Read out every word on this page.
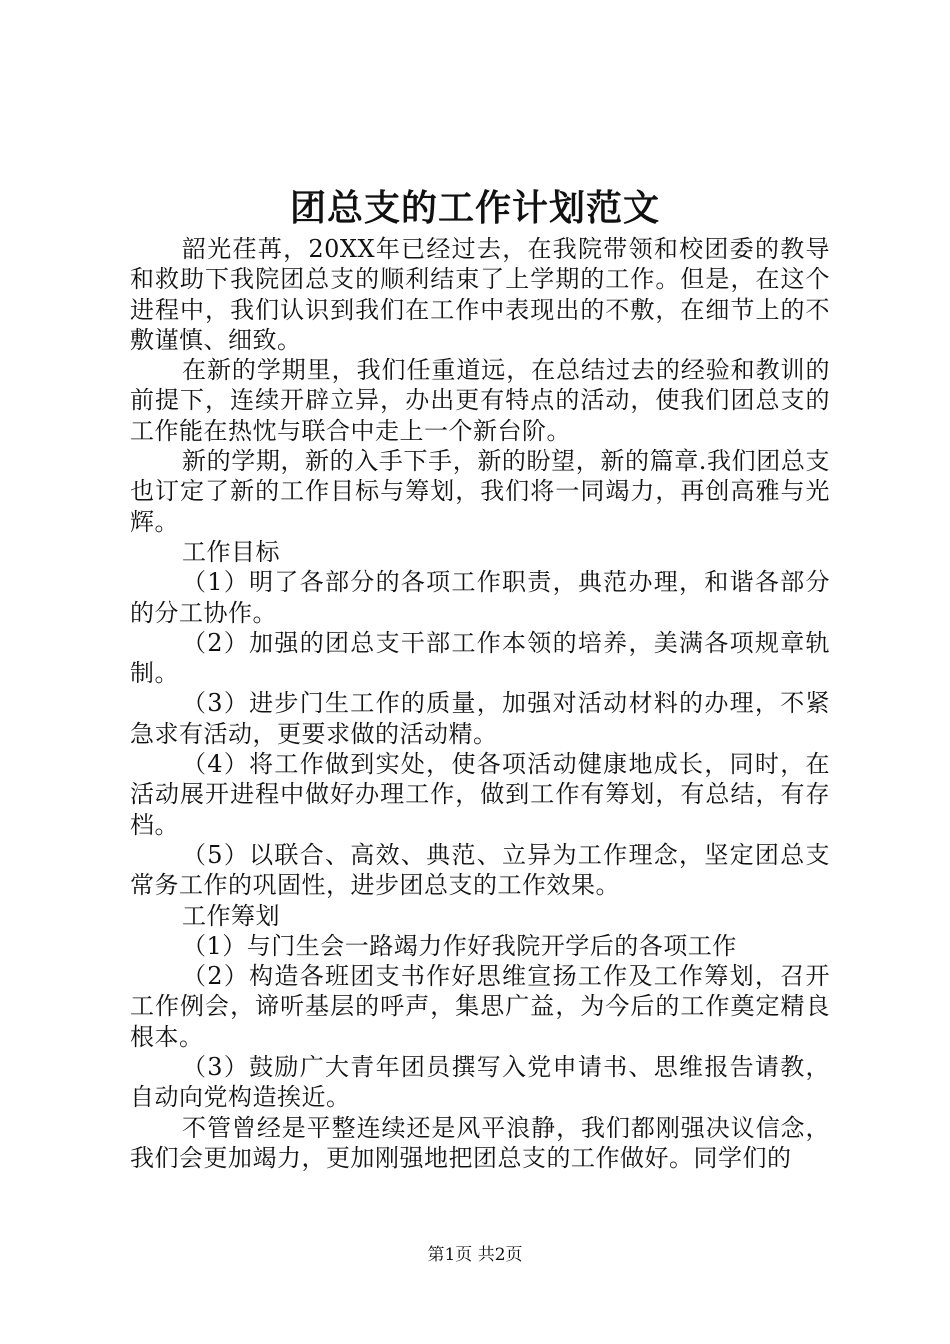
团总支的工作计划范文

韶光荏苒，20XX年已经过去，在我院带领和校团委的教导和救助下我院团总支的顺利结束了上学期的工作。但是，在这个进程中，我们认识到我们在工作中表现出的不敷，在细节上的不敷谨慎、细致。

在新的学期里，我们任重道远，在总结过去的经验和教训的前提下，连续开辟立异，办出更有特点的活动，使我们团总支的工作能在热忱与联合中走上一个新台阶。

新的学期，新的入手下手，新的盼望，新的篇章.我们团总支也订定了新的工作目标与筹划，我们将一同竭力，再创高雅与光辉。

工作目标

（1）明了各部分的各项工作职责，典范办理，和谐各部分的分工协作。

（2）加强的团总支干部工作本领的培养，美满各项规章轨制。

（3）进步门生工作的质量，加强对活动材料的办理，不紧急求有活动，更要求做的活动精。

（4）将工作做到实处，使各项活动健康地成长，同时，在活动展开进程中做好办理工作，做到工作有筹划，有总结，有存档。

（5）以联合、高效、典范、立异为工作理念，坚定团总支常务工作的巩固性，进步团总支的工作效果。

工作筹划

（1）与门生会一路竭力作好我院开学后的各项工作

（2）构造各班团支书作好思维宣扬工作及工作筹划，召开工作例会，谛听基层的呼声，集思广益，为今后的工作奠定精良根本。

（3）鼓励广大青年团员撰写入党申请书、思维报告请教，自动向党构造挨近。

不管曾经是平整连续还是风平浪静，我们都刚强决议信念，我们会更加竭力，更加刚强地把团总支的工作做好。同学们的

第1页 共2页
